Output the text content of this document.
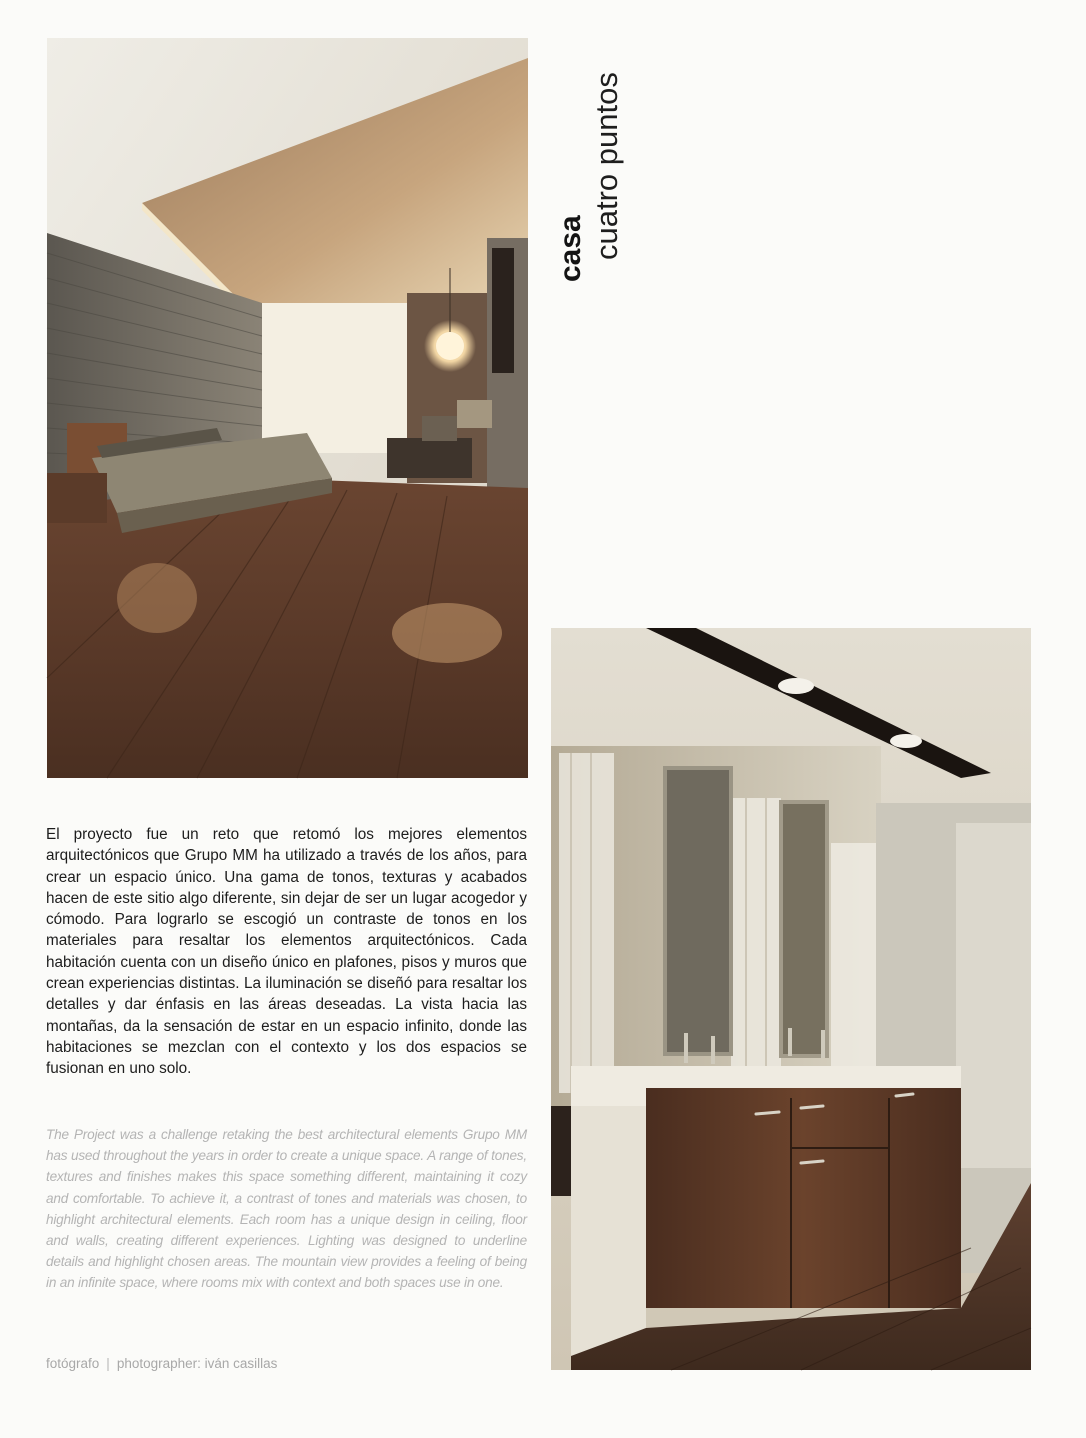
casa cuatro puntos

El proyecto fue un reto que retomó los mejores elementos arquitectónicos que Grupo MM ha utilizado a través de los años, para crear un espacio único. Una gama de tonos, texturas y acabados hacen de este sitio algo diferente, sin dejar de ser un lugar acogedor y cómodo. Para lograrlo se escogió un contraste de tonos en los materiales para resaltar los elementos arquitectónicos. Cada habitación cuenta con un diseño único en plafones, pisos y muros que crean experiencias distintas. La iluminación se diseñó para resaltar los detalles y dar énfasis en las áreas deseadas. La vista hacia las montañas, da la sensación de estar en un espacio infinito, donde las habitaciones se mezclan con el contexto y los dos espacios se fusionan en uno solo.

The Project was a challenge retaking the best architectural elements Grupo MM has used throughout the years in order to create a unique space. A range of tones, textures and finishes makes this space something different, maintaining it cozy and comfortable. To achieve it, a contrast of tones and materials was chosen, to highlight architectural elements. Each room has a unique design in ceiling, floor and walls, creating different experiences. Lighting was designed to underline details and highlight chosen areas. The mountain view provides a feeling of being in an infinite space, where rooms mix with context and both spaces use in one.

fotógrafo | photographer: iván casillas
